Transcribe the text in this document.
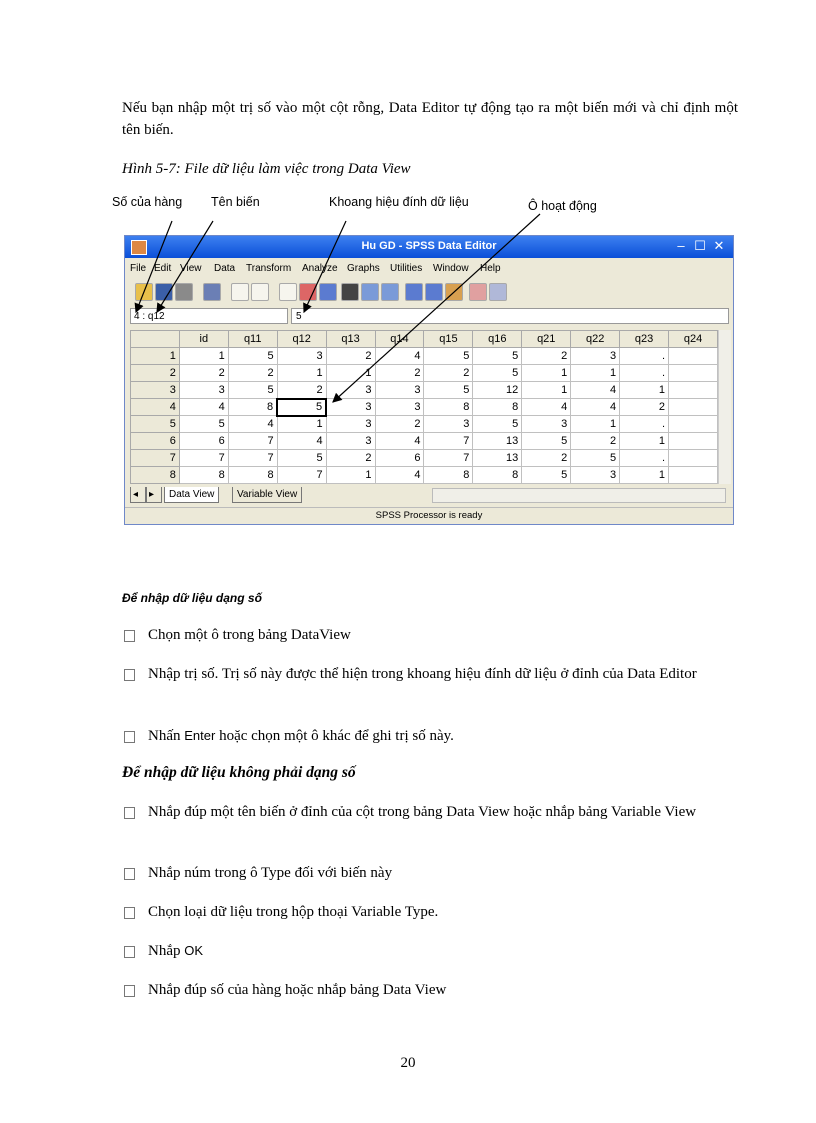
Nếu bạn nhập một trị số vào một cột rỗng, Data Editor tự động tạo ra một biến mới và chỉ định một tên biến.
Hình 5-7: File dữ liệu làm việc trong Data View
Số của hàng Tên biến	Khoang hiệu đính dữ liệu	Ô hoạt động
Hu GD - SPSS Data Editor	– ☐ ✕
File Edit View Data Transform Analyze Graphs Utilities Window Help
4 : q12	5
	id	q11	q12	q13	q14	q15	q16	q21	q22	q23	q24
1	1	5	3	2	4	5	5	2	3	.	
2	2	2	1	1	2	2	5	1	1	.	
3	3	5	2	3	3	5	12	1	4	1	
4	4	8	5	3	3	8	8	4	4	2	
5	5	4	1	3	2	3	5	3	1	.	
6	6	7	4	3	4	7	13	5	2	1	
7	7	7	5	2	6	7	13	2	5	.	
8	8	8	7	1	4	8	8	5	3	1	
◂	▸	Data View	Variable View
SPSS Processor is ready
Để nhập dữ liệu dạng số
Chọn một ô trong bảng DataView
Nhập trị số. Trị số này được thể hiện trong khoang hiệu đính dữ liệu ở đỉnh của Data Editor
Nhấn Enter hoặc chọn một ô khác để ghi trị số này.
Để nhập dữ liệu không phải dạng số
Nhắp đúp một tên biến ở đỉnh của cột trong bảng Data View hoặc nhắp bảng Variable View
Nhắp núm trong ô Type đối với biến này
Chọn loại dữ liệu trong hộp thoại Variable Type.
Nhắp OK
Nhắp đúp số của hàng hoặc nhắp bảng Data View
20
